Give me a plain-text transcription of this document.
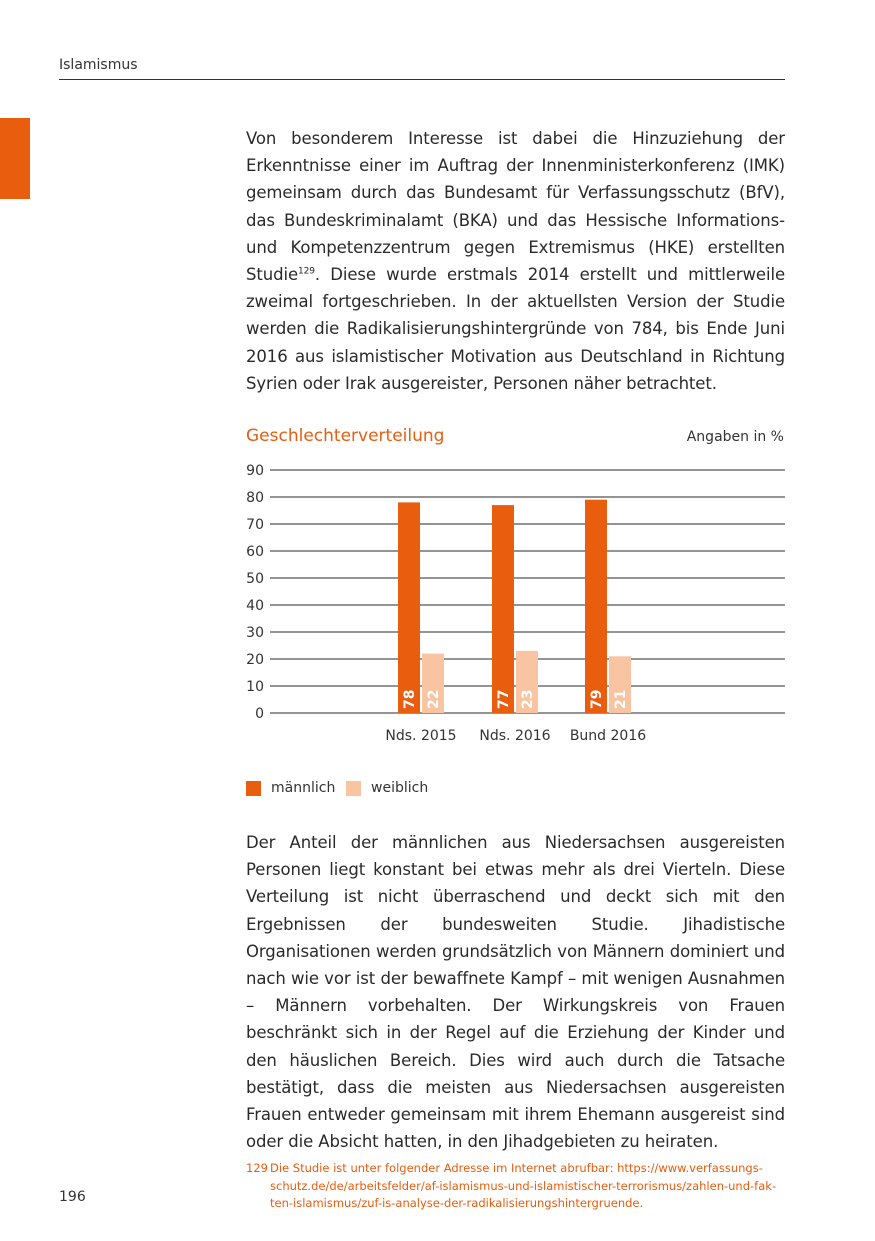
Islamismus

Von besonderem Interesse ist dabei die Hinzuziehung der Erkenntnisse einer im Auftrag der Innenministerkonferenz (IMK) gemeinsam durch das Bundesamt für Verfassungsschutz (BfV), das Bundeskriminalamt (BKA) und das Hessische Informations- und Kompetenzzentrum gegen Extremismus (HKE) erstellten Studie$^{129}$. Diese wurde erstmals 2014 erstellt und mittlerweile zweimal fortgeschrieben. In der aktuellsten Version der Studie werden die Radikalisierungshintergründe von 784, bis Ende Juni 2016 aus islamistischer Motivation aus Deutschland in Richtung Syrien oder Irak ausgereister, Personen näher betrachtet.

Geschlechterverteilung	Angaben in %
0
10
20
30
40
50
60
70
80
90
78 22
Nds. 2015
77 23
Nds. 2016
79 21
Bund 2016
männlich	weiblich

Der Anteil der männlichen aus Niedersachsen ausgereisten Personen liegt konstant bei etwas mehr als drei Vierteln. Diese Verteilung ist nicht überraschend und deckt sich mit den Ergebnissen der bundesweiten Studie. Jihadistische Organisationen werden grundsätzlich von Männern dominiert und nach wie vor ist der bewaffnete Kampf – mit wenigen Ausnahmen – Männern vorbehalten. Der Wirkungskreis von Frauen beschränkt sich in der Regel auf die Erziehung der Kinder und den häuslichen Bereich. Dies wird auch durch die Tatsache bestätigt, dass die meisten aus Niedersachsen ausgereisten Frauen entweder gemeinsam mit ihrem Ehemann ausgereist sind oder die Absicht hatten, in den Jihadgebieten zu heiraten.

129 Die Studie ist unter folgender Adresse im Internet abrufbar: https://www.verfassungsschutz.de/de/arbeitsfelder/af-islamismus-und-islamistischer-terrorismus/zahlen-und-fakten-islamismus/zuf-is-analyse-der-radikalisierungshintergruende.
196
